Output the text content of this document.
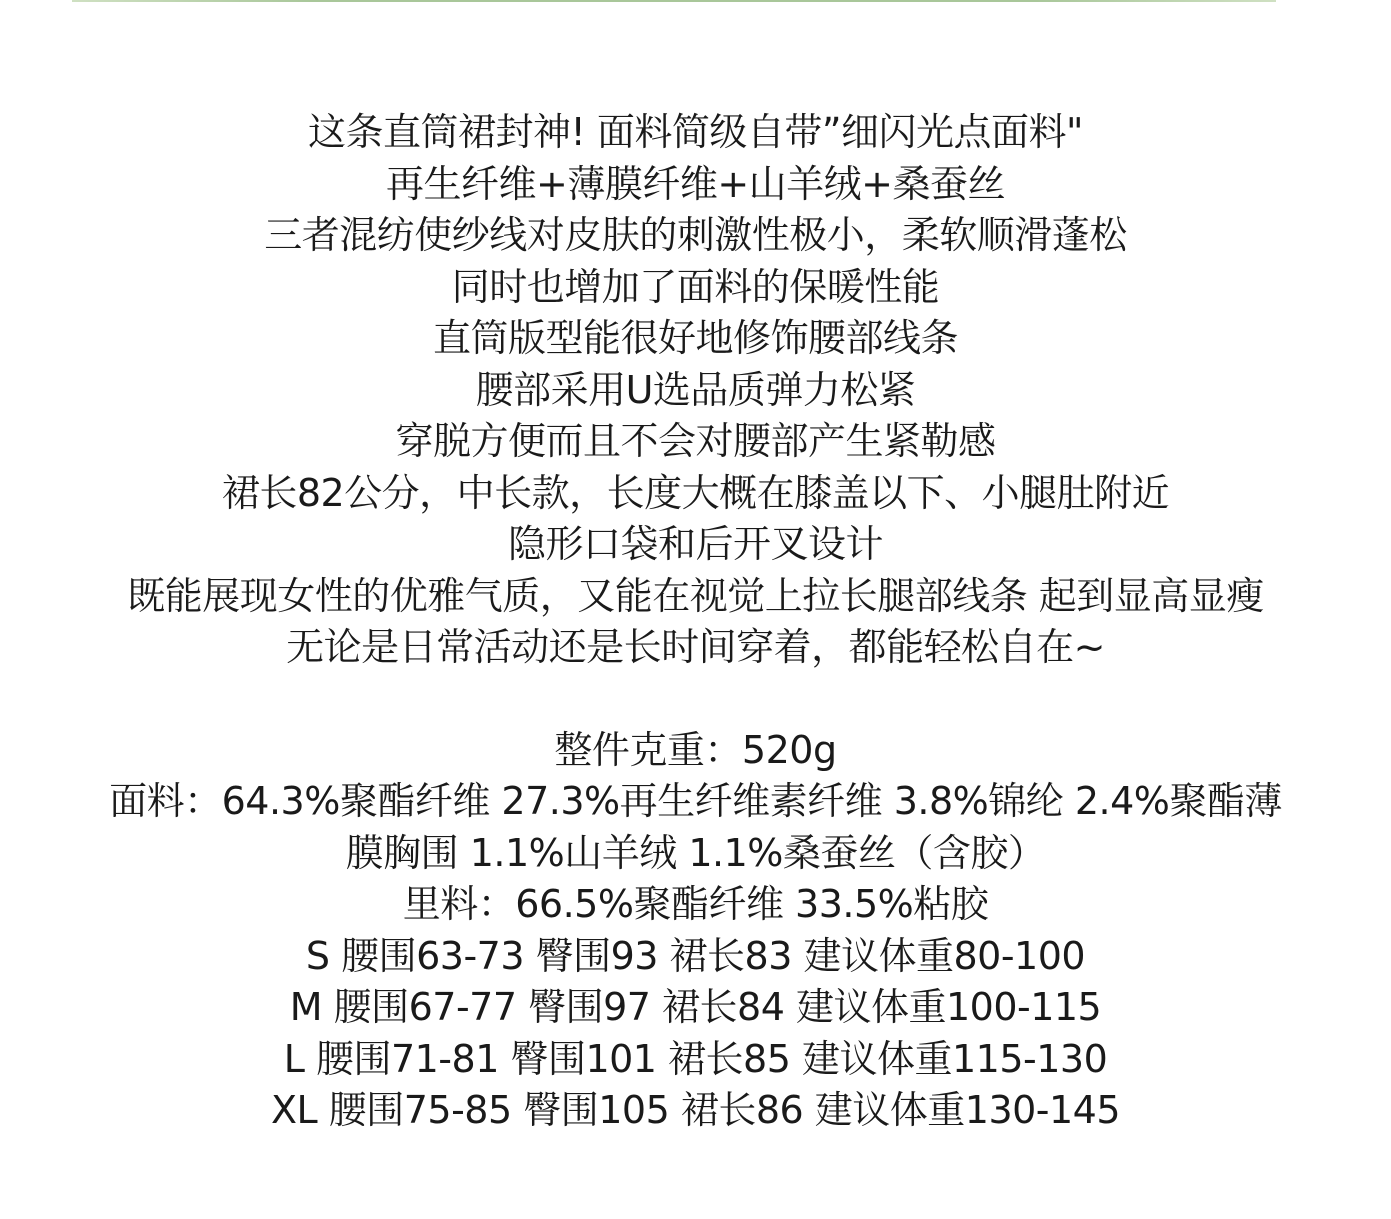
这条直筒裙封神! 面料简级自带”细闪光点面料"
再生纤维+薄膜纤维+山羊绒+桑蚕丝
三者混纺使纱线对皮肤的刺激性极小，柔软顺滑蓬松
同时也增加了面料的保暖性能
直筒版型能很好地修饰腰部线条
腰部采用U选品质弹力松紧
穿脱方便而且不会对腰部产生紧勒感
裙长82公分，中长款，长度大概在膝盖以下、小腿肚附近
隐形口袋和后开叉设计
既能展现女性的优雅气质，又能在视觉上拉长腿部线条 起到显高显瘦
无论是日常活动还是长时间穿着，都能轻松自在~
整件克重：520g
面料：64.3%聚酯纤维 27.3%再生纤维素纤维 3.8%锦纶 2.4%聚酯薄
膜胸围 1.1%山羊绒 1.1%桑蚕丝（含胶）
里料：66.5%聚酯纤维 33.5%粘胶
S 腰围63-73 臀围93 裙长83 建议体重80-100
M 腰围67-77 臀围97 裙长84 建议体重100-115
L 腰围71-81 臀围101 裙长85 建议体重115-130
XL 腰围75-85 臀围105 裙长86 建议体重130-145
